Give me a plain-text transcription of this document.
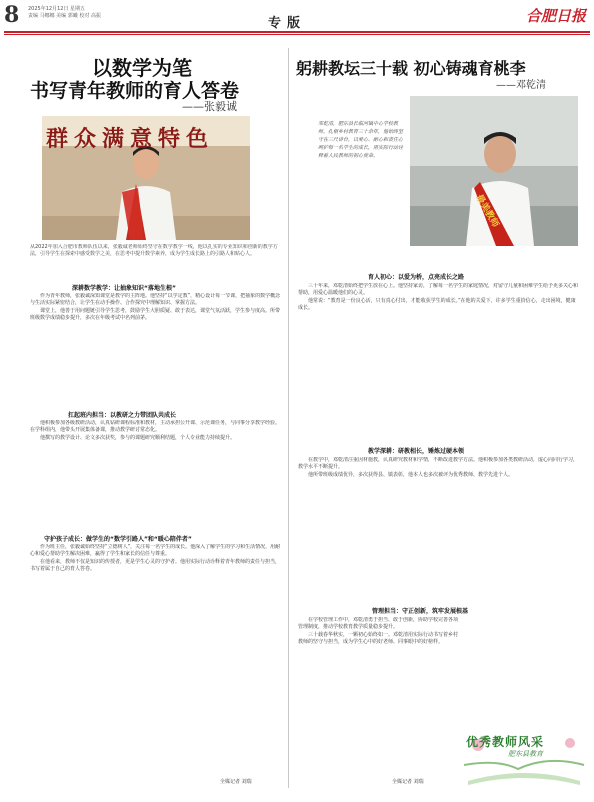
8 2025年12月12日 星期五
责编 马娜娜 美编 郭曦 校对 高振	专版	合肥日报
以数学为笔
书写青年教师的育人答卷
——张毅诚
群众满意特色
从2022年加入合肥市教师队伍以来，张毅诚老师始终坚守在数学教学一线，他以扎实的专业知识和创新的教学方法，引导学生在探索中感受数学之美，在思考中提升数学素养，成为学生成长路上的引路人和贴心人。
深耕数学教学：让抽象知识“落地生根”

作为青年教师，张毅诚深知课堂是教学的主阵地。他坚持“以学定教”，精心设计每一节课，把抽象的数学概念与生活实际紧密结合，让学生在动手操作、合作探究中理解知识、掌握方法。

课堂上，他善于用问题链引导学生思考，鼓励学生大胆质疑、敢于表达，课堂气氛活跃，学生参与度高。所带班级数学成绩稳步提升，多次在年级考试中名列前茅。

扛起班内担当：以教研之力带团队共成长

他积极参加各级教研活动，认真钻研课程标准和教材，主动承担公开课、示范课任务，与同事分享教学经验。在学科组内，他带头开展集体备课，推动教学研讨常态化。

他撰写的教学设计、论文多次获奖，参与的课题研究顺利结题，个人专业能力持续提升。

守护孩子成长：做学生的“数学引路人”和“暖心陪伴者”

作为班主任，张毅诚始终坚持“立德树人”，关注每一名学生的成长。他深入了解学生的学习和生活情况，用耐心和爱心帮助学生解决困难，赢得了学生和家长的信任与尊重。

在他看来，教师不仅是知识的传授者，更是学生心灵的守护者。他用实际行动诠释着青年教师的责任与担当，书写着属于自己的育人答卷。

全媒记者 刘瑞
躬耕教坛三十载 初心铸魂育桃李
——邓乾清
邓乾清，肥东县长临河镇中心学校教师。扎根乡村教育三十余年，他始终坚守在三尺讲台，以爱心、耐心和责任心呵护每一名学生的成长，用实际行动诠释着人民教师的初心使命。
最美教师
育人初心：以爱为桥，点亮成长之路

三十年来，邓乾清始终把学生放在心上。他坚持家访，了解每一名学生的家庭情况，对留守儿童和困难学生给予更多关心和帮助，用爱心温暖他们的心灵。

他常说：“教育是一份良心活，只有真心付出，才能收获学生的成长。”在他的关爱下，许多学生重拾信心，走出困境，健康成长。

教学深耕：研教相长，锤炼过硬本领

在教学中，邓乾清注重因材施教，认真研究教材和学情，不断改进教学方法。他积极参加各类教研活动，虚心向同行学习，教学水平不断提升。

他所带班级成绩优异，多次获得县、镇表彰，他本人也多次被评为优秀教师、教学先进个人。

管理担当：守正创新，筑牢发展根基

在学校管理工作中，邓乾清勇于担当、敢于创新，协助学校完善各项管理制度，推动学校教育教学质量稳步提升。

三十载春华秋实，一颗初心始终如一。邓乾清用实际行动书写着乡村教师的坚守与担当，成为学生心中的好老师、同事眼中的好榜样。

全媒记者 刘瑞
优秀教师风采
肥东县教育
